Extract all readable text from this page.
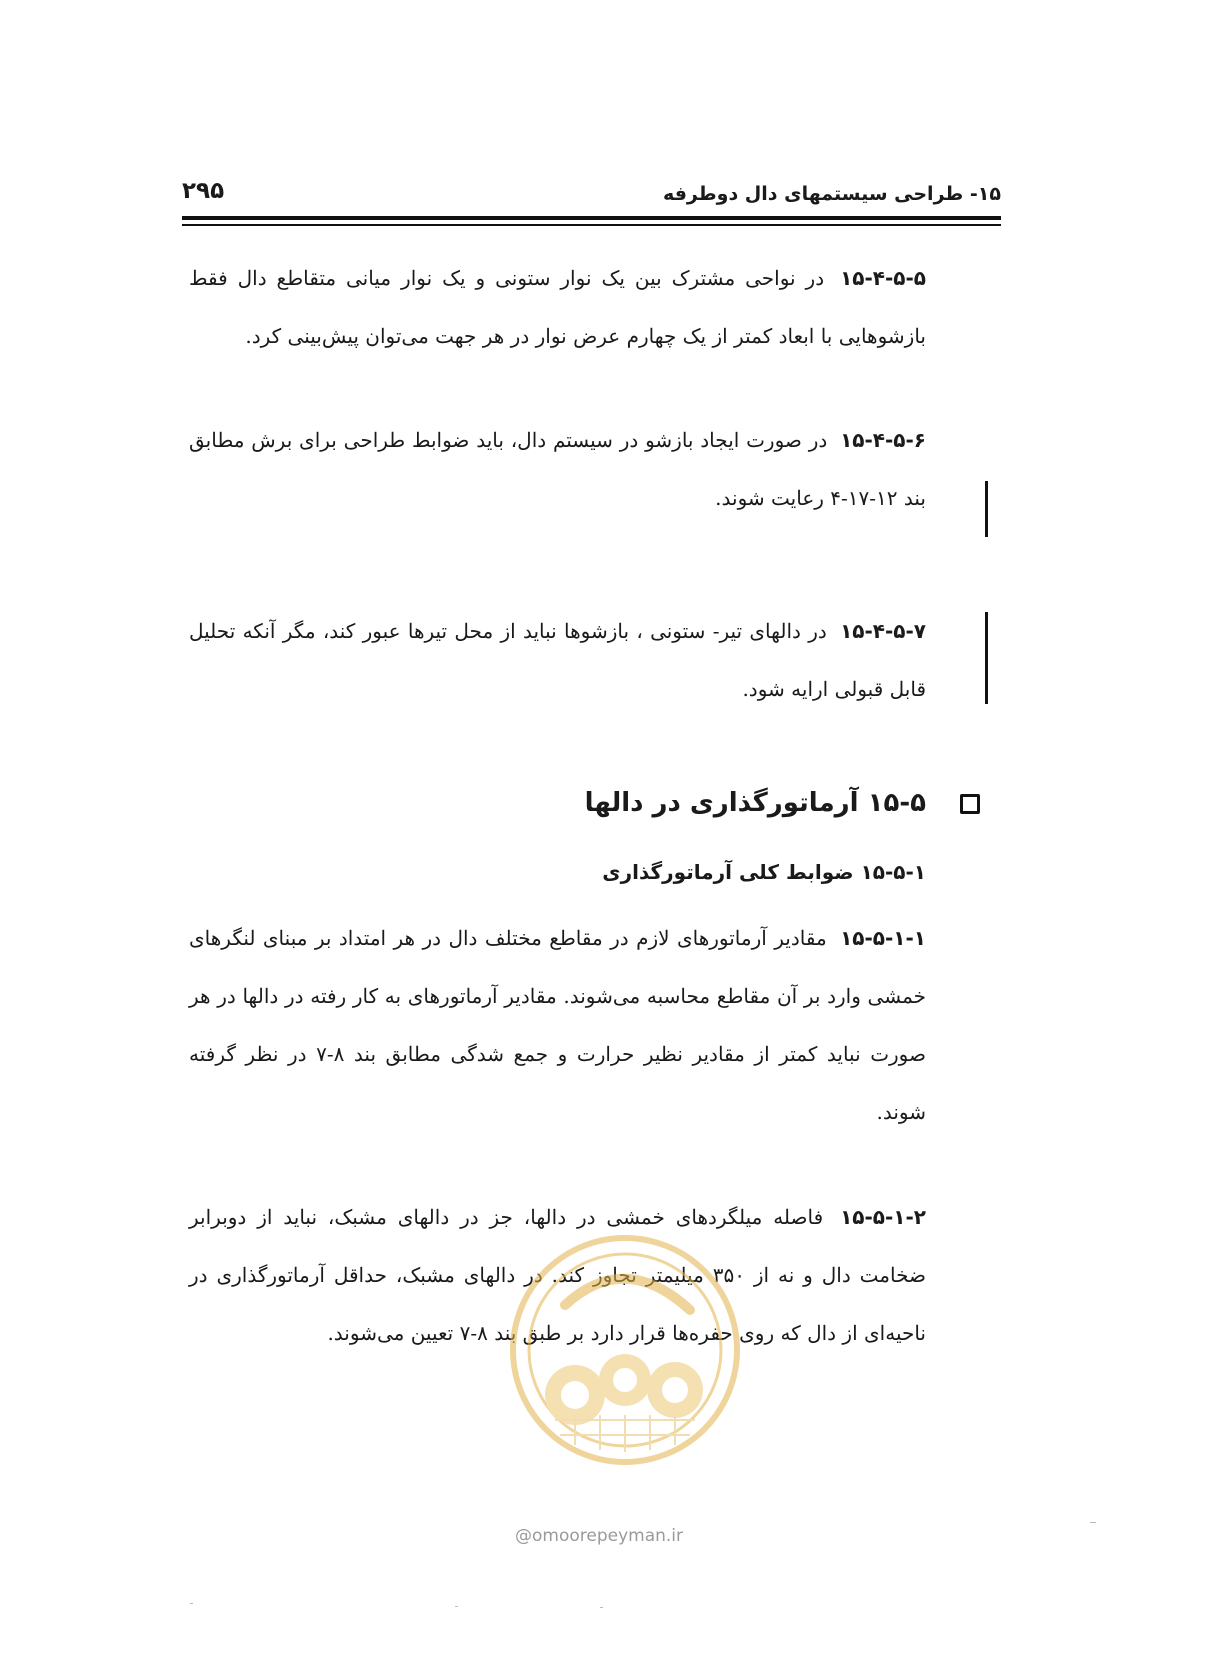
۱۵- طراحی سیستمهای دال دوطرفه
۲۹۵
۱۵-۴-۵-۵ در نواحی مشترک بین یک نوار ستونی و یک نوار میانی متقاطع دال فقط بازشوهایی با ابعاد کمتر از یک چهارم عرض نوار در هر جهت می‌توان پیش‌بینی کرد.
۱۵-۴-۵-۶ در صورت ایجاد بازشو در سیستم دال، باید ضوابط طراحی برای برش مطابق بند ۱۲-۱۷-۴ رعایت شوند.
۱۵-۴-۵-۷ در دالهای تیر- ستونی ، بازشوها نباید از محل تیرها عبور کند، مگر آنکه تحلیل قابل قبولی ارایه شود.
۱۵-۵ آرماتورگذاری در دالها
۱۵-۵-۱ ضوابط کلی آرماتورگذاری
۱۵-۵-۱-۱ مقادیر آرماتورهای لازم در مقاطع مختلف دال در هر امتداد بر مبنای لنگرهای خمشی وارد بر آن مقاطع محاسبه می‌شوند. مقادیر آرماتورهای به کار رفته در دالها در هر صورت نباید کمتر از مقادیر نظیر حرارت و جمع شدگی مطابق بند ۸-۷ در نظر گرفته شوند.
۱۵-۵-۱-۲ فاصله میلگردهای خمشی در دالها، جز در دالهای مشبک، نباید از دوبرابر ضخامت دال و نه از ۳۵۰ میلیمتر تجاوز کند. در دالهای مشبک، حداقل آرماتورگذاری در ناحیه‌ای از دال که روی حفره‌ها قرار دارد بر طبق بند ۸-۷ تعیین می‌شوند.
@omoorepeyman.ir
